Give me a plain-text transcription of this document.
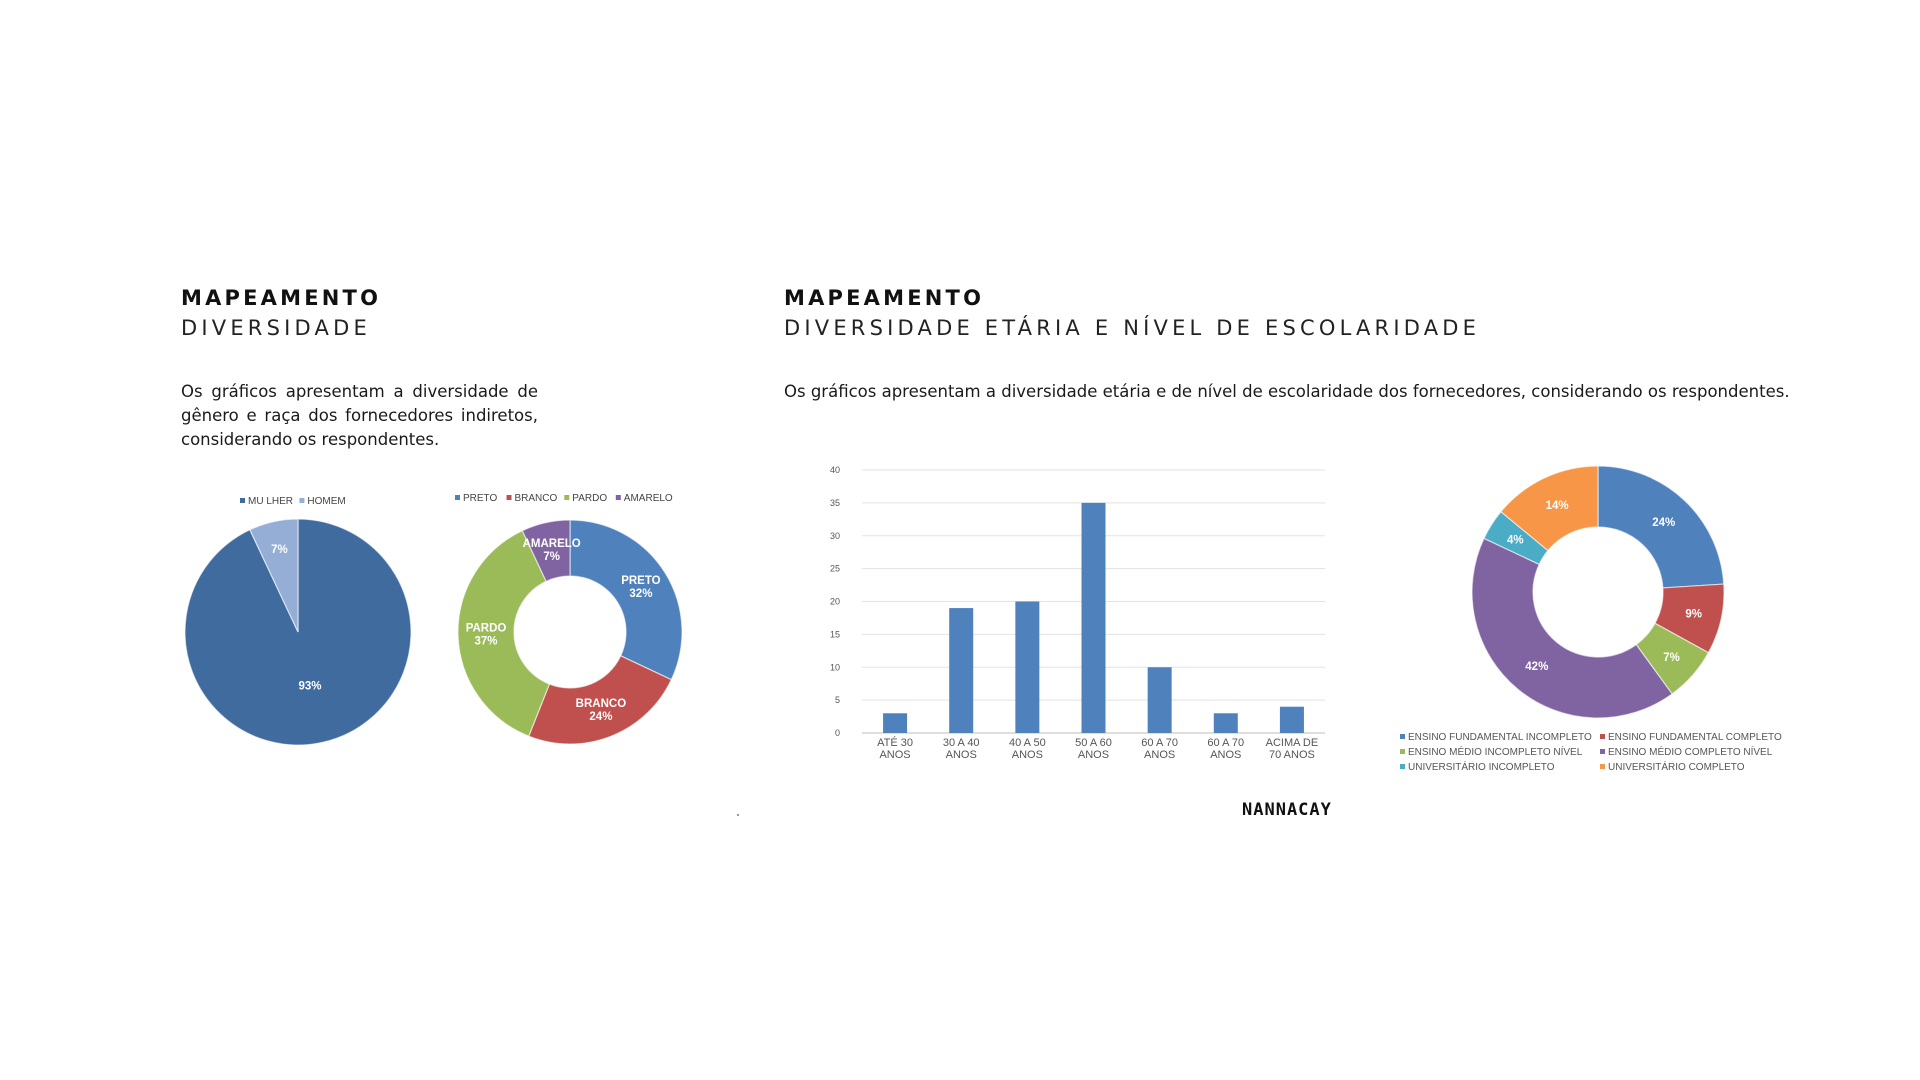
MAPEAMENTO
DIVERSIDADE

Os gráficos apresentam a diversidade de gênero e raça dos fornecedores indiretos, considerando os respondentes.

MAPEAMENTO
DIVERSIDADE ETÁRIA E NÍVEL DE ESCOLARIDADE

Os gráficos apresentam a diversidade etária e de nível de escolaridade dos fornecedores, considerando os respondentes.

MU LHER HOMEM
93%
7%
PRETO BRANCO PARDO AMARELO
PRETO
32%
BRANCO
24%
PARDO
37%
AMARELO
7%
0
5
10
15
20
25
30
35
40
ATÉ 30
ANOS
30 A 40
ANOS
40 A 50
ANOS
50 A 60
ANOS
60 A 70
ANOS
60 A 70
ANOS
ACIMA DE
70 ANOS
24%
9%
7%
42%
4%
14%
ENSINO FUNDAMENTAL INCOMPLETO ENSINO FUNDAMENTAL COMPLETO
ENSINO MÉDIO INCOMPLETO NÍVEL	ENSINO MÉDIO COMPLETO NÍVEL
UNIVERSITÁRIO INCOMPLETO	UNIVERSITÁRIO COMPLETO
NANNACAY
